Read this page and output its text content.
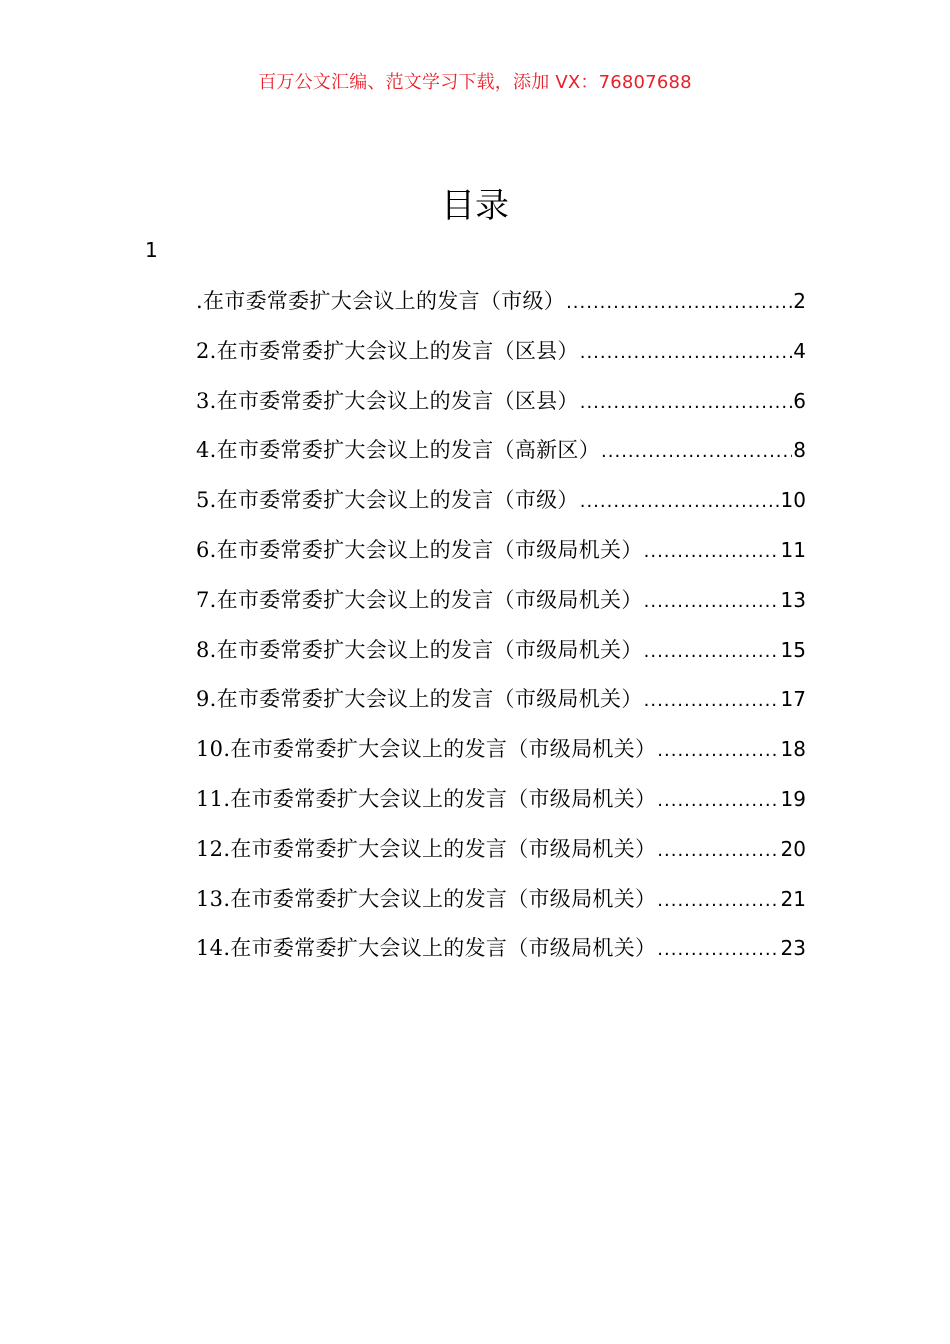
百万公文汇编、范文学习下载，添加 VX：76807688
目录
1
.在市委常委扩大会议上的发言（市级） .....	2
2.在市委常委扩大会议上的发言（区县） .....	4
3.在市委常委扩大会议上的发言（区县） .....	6
4.在市委常委扩大会议上的发言（高新区） .....	8
5.在市委常委扩大会议上的发言（市级） .....	10
6.在市委常委扩大会议上的发言（市级局机关） .....	11
7.在市委常委扩大会议上的发言（市级局机关） .....	13
8.在市委常委扩大会议上的发言（市级局机关） .....	15
9.在市委常委扩大会议上的发言（市级局机关） .....	17
10.在市委常委扩大会议上的发言（市级局机关） .....	18
11.在市委常委扩大会议上的发言（市级局机关） .....	19
12.在市委常委扩大会议上的发言（市级局机关） .....	20
13.在市委常委扩大会议上的发言（市级局机关） .....	21
14.在市委常委扩大会议上的发言（市级局机关） .....	23
